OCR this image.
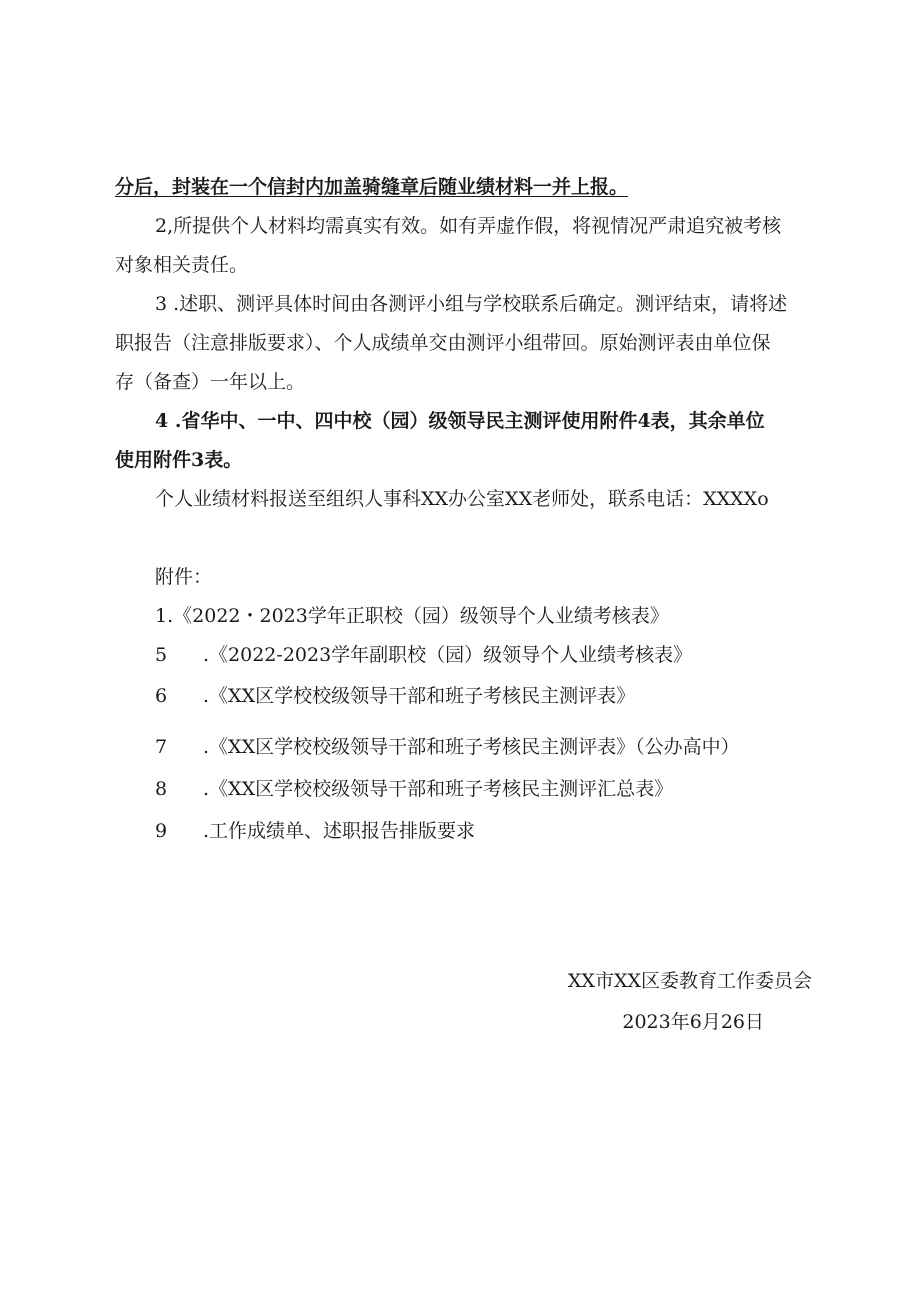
分后，封装在一个信封内加盖骑缝章后随业绩材料一并上报。

2,所提供个人材料均需真实有效。如有弄虚作假，将视情况严肃追究被考核

对象相关责任。

3 .述职、测评具体时间由各测评小组与学校联系后确定。测评结束，请将述

职报告（注意排版要求）、个人成绩单交由测评小组带回。原始测评表由单位保

存（备查）一年以上。

4 .省华中、一中、四中校（园）级领导民主测评使用附件4表，其余单位

使用附件3表。

个人业绩材料报送至组织人事科XX办公室XX老师处，联系电话：XXXXo

附件：

1.《2022・2023学年正职校（园）级领导个人业绩考核表》
5 .《2022-2023学年副职校（园）级领导个人业绩考核表》
6 .《XX区学校校级领导干部和班子考核民主测评表》
7 .《XX区学校校级领导干部和班子考核民主测评表》（公办高中）
8 .《XX区学校校级领导干部和班子考核民主测评汇总表》
9 .工作成绩单、述职报告排版要求

XX市XX区委教育工作委员会

2023年6月26日
